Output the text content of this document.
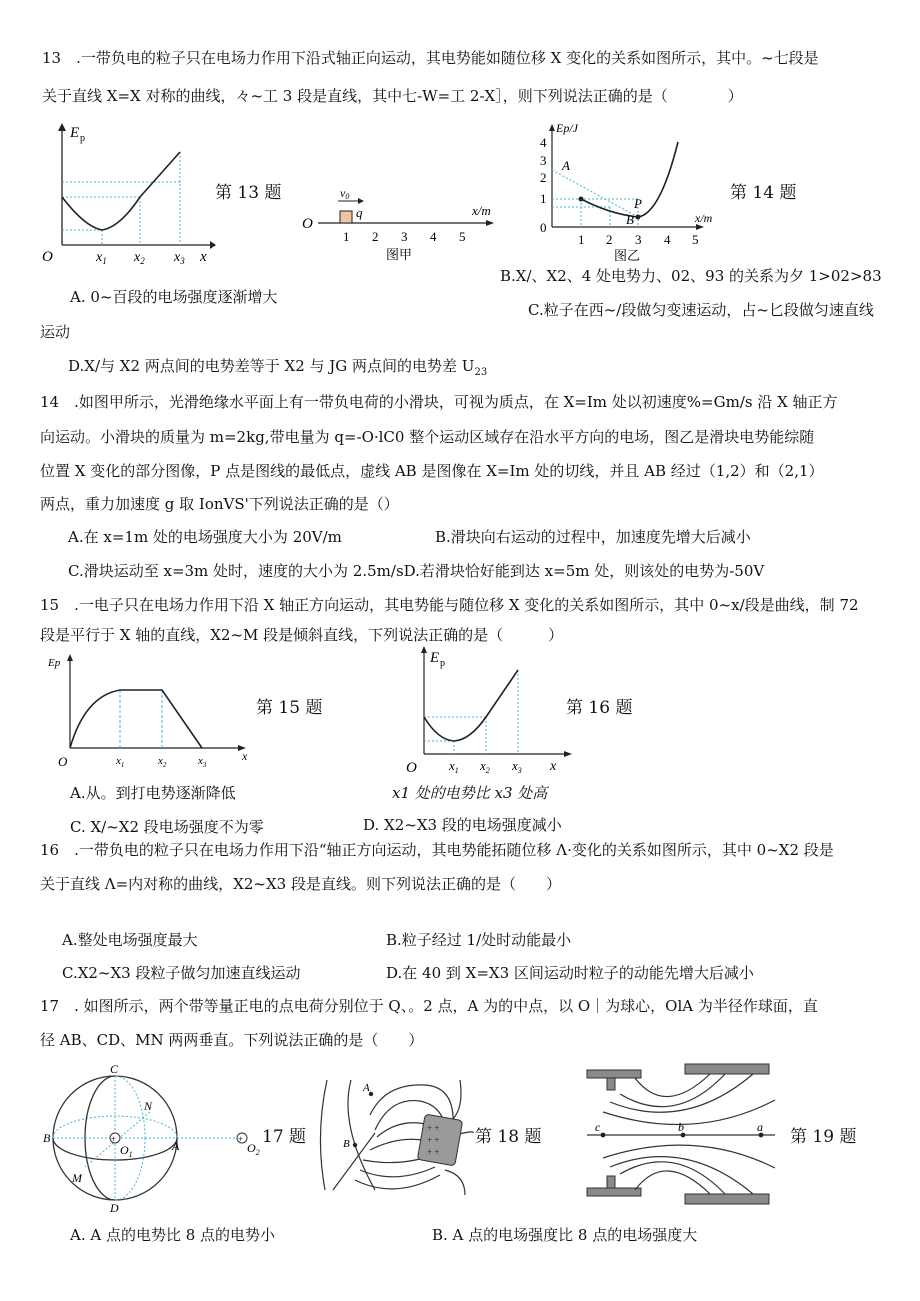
13　.一带负电的粒子只在电场力作用下沿式轴正向运动，其电势能如随位移 X 变化的关系如图所示，其中。~七段是
关于直线 X=X 对称的曲线，々~工 3 段是直线，其中七-W=工 2-X］，则下列说法正确的是（　　　　）
E p
O	$x_1$ $x_2$ $x_3$ x
第 13 题	v0
q
O
x/m
1 2 3 4 5
图甲
Ep/J
0
1
2
3
4
1 2 3 4 5
A
B
P
x/m
图乙
第 14 题
B.X/、X2、4 处电势力、02、93 的关系为夕 1>02>83
A. 0~百段的电场强度逐渐增大
C.粒子在西~/段做匀变速运动，占~匕段做匀速直线
运动
D.X/与 X2 两点间的电势差等于 X2 与 JG 两点间的电势差 $U_{23}$
14　.如图甲所示，光滑绝缘水平面上有一带负电荷的小滑块，可视为质点，在 X=Im 处以初速度%=Gm/s 沿 X 轴正方
向运动。小滑块的质量为 m=2kg,带电量为 q=-O·lC0 整个运动区域存在沿水平方向的电场，图乙是滑块电势能综随
位置 X 变化的部分图像，P 点是图线的最低点，虚线 AB 是图像在 X=Im 处的切线，并且 AB 经过（1,2）和（2,1）
两点，重力加速度 g 取 IonVS'下列说法正确的是（）
A.在 x=1m 处的电场强度大小为 20V/m	B.滑块向右运动的过程中，加速度先增大后减小
C.滑块运动至 x=3m 处时，速度的大小为 2.5m/sD.若滑块恰好能到达 x=5m 处，则该处的电势为-50V
15　.一电子只在电场力作用下沿 X 轴正方向运动，其电势能与随位移 X 变化的关系如图所示，其中 0~x/段是曲线，制 72
段是平行于 X 轴的直线，X2~M 段是倾斜直线，下列说法正确的是（　　　）
Ep
O	$x_1$	$x_2$	$x_3$
x
第 15 题
E p
O $x_1$ $x_2$ $x_3$ x
第 16 题
A.从。到打电势逐渐降低	x1 处的电势比 x3 处高
C. X/~X2 段电场强度不为零	D. X2~X3 段的电场强度减小
16　.一带负电的粒子只在电场力作用下沿“轴正方向运动，其电势能拓随位移 Λ·变化的关系如图所示，其中 0~X2 段是
关于直线 Λ=内对称的曲线，X2~X3 段是直线。则下列说法正确的是（　　）
A.整处电场强度最大	B.粒子经过 1/处时动能最小
C.X2~X3 段粒子做匀加速直线运动	D.在 40 到 X=X3 区间运动时粒子的动能先增大后减小
17　. 如图所示，两个带等量正电的点电荷分别位于 Q、。2 点，A 为的中点，以 O｜为球心，OlA 为半径作球面，直
径 AB、CD、MN 两两垂直。下列说法正确的是（　　）
+	+
C
D
B
A
N
M
$O_1$	$O_2$
17 题	+ +
+ +
+ +
A
B	第 18 题	c	b	a 第 19 题
A. A 点的电势比 8 点的电势小	B. A 点的电场强度比 8 点的电场强度大
